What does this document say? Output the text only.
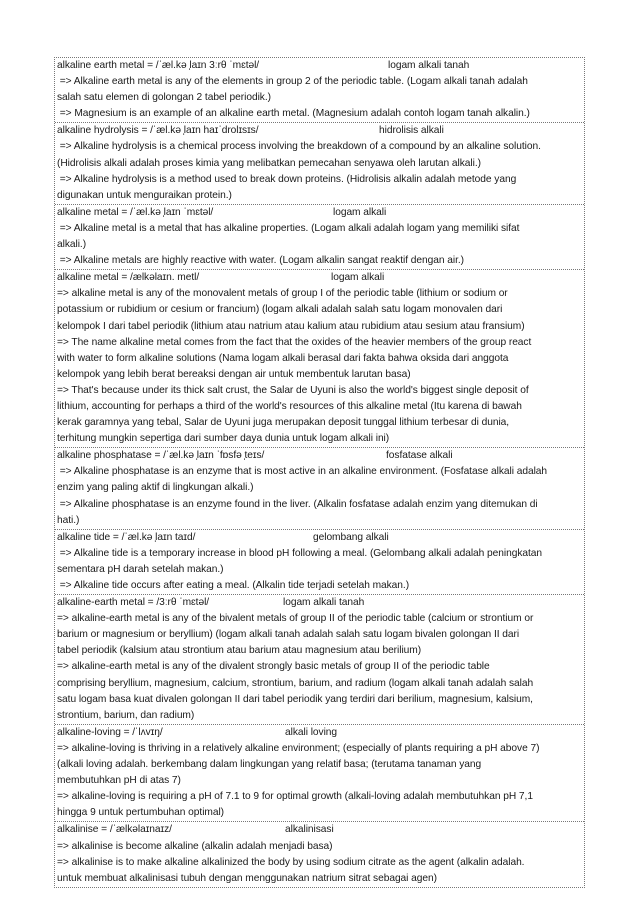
alkaline earth metal = /ˈæl.kə ̩laɪn 3ːrθ ˈmɛtəl/	logam alkali tanah
=> Alkaline earth metal is any of the elements in group 2 of the periodic table. (Logam alkali tanah adalah
salah satu elemen di golongan 2 tabel periodik.)
=> Magnesium is an example of an alkaline earth metal. (Magnesium adalah contoh logam tanah alkalin.)
alkaline hydrolysis = /ˈæl.kə ̩laɪn haɪˈdrolɪsɪs/	hidrolisis alkali
=> Alkaline hydrolysis is a chemical process involving the breakdown of a compound by an alkaline solution.
(Hidrolisis alkali adalah proses kimia yang melibatkan pemecahan senyawa oleh larutan alkali.)
=> Alkaline hydrolysis is a method used to break down proteins. (Hidrolisis alkalin adalah metode yang
digunakan untuk menguraikan protein.)
alkaline metal = /ˈæl.kə ̩laɪn ˈmɛtəl/	logam alkali
=> Alkaline metal is a metal that has alkaline properties. (Logam alkali adalah logam yang memiliki sifat
alkali.)
=> Alkaline metals are highly reactive with water. (Logam alkalin sangat reaktif dengan air.)
alkaline metal = /ælkəlaɪn. metl/	logam alkali
=> alkaline metal is any of the monovalent metals of group I of the periodic table (lithium or sodium or
potassium or rubidium or cesium or francium) (logam alkali adalah salah satu logam monovalen dari
kelompok I dari tabel periodik (lithium atau natrium atau kalium atau rubidium atau sesium atau fransium)
=> The name alkaline metal comes from the fact that the oxides of the heavier members of the group react
with water to form alkaline solutions (Nama logam alkali berasal dari fakta bahwa oksida dari anggota
kelompok yang lebih berat bereaksi dengan air untuk membentuk larutan basa)
=> That's because under its thick salt crust, the Salar de Uyuni is also the world's biggest single deposit of
lithium, accounting for perhaps a third of the world's resources of this alkaline metal (Itu karena di bawah
kerak garamnya yang tebal, Salar de Uyuni juga merupakan deposit tunggal lithium terbesar di dunia,
terhitung mungkin sepertiga dari sumber daya dunia untuk logam alkali ini)
alkaline phosphatase = /ˈæl.kə ̩laɪn ˈfɒsfə ̩teɪs/	fosfatase alkali
=> Alkaline phosphatase is an enzyme that is most active in an alkaline environment. (Fosfatase alkali adalah
enzim yang paling aktif di lingkungan alkali.)
=> Alkaline phosphatase is an enzyme found in the liver. (Alkalin fosfatase adalah enzim yang ditemukan di
hati.)
alkaline tide = /ˈæl.kə ̩laɪn taɪd/	gelombang alkali
=> Alkaline tide is a temporary increase in blood pH following a meal. (Gelombang alkali adalah peningkatan
sementara pH darah setelah makan.)
=> Alkaline tide occurs after eating a meal. (Alkalin tide terjadi setelah makan.)
alkaline-earth metal = /3ːrθ ˈmɛtəl/	logam alkali tanah
=> alkaline-earth metal is any of the bivalent metals of group II of the periodic table (calcium or strontium or
barium or magnesium or beryllium) (logam alkali tanah adalah salah satu logam bivalen golongan II dari
tabel periodik (kalsium atau strontium atau barium atau magnesium atau berilium)
=> alkaline-earth metal is any of the divalent strongly basic metals of group II of the periodic table
comprising beryllium, magnesium, calcium, strontium, barium, and radium (logam alkali tanah adalah salah
satu logam basa kuat divalen golongan II dari tabel periodik yang terdiri dari berilium, magnesium, kalsium,
strontium, barium, dan radium)
alkaline-loving = /ˈlʌvɪŋ/	alkali loving
=> alkaline-loving is thriving in a relatively alkaline environment; (especially of plants requiring a pH above 7)
(alkali loving adalah. berkembang dalam lingkungan yang relatif basa; (terutama tanaman yang
membutuhkan pH di atas 7)
=> alkaline-loving is requiring a pH of 7.1 to 9 for optimal growth (alkali-loving adalah membutuhkan pH 7,1
hingga 9 untuk pertumbuhan optimal)
alkalinise = /ˈælkəlaɪnaɪz/	alkalinisasi
=> alkalinise is become alkaline (alkalin adalah menjadi basa)
=> alkalinise is to make alkaline alkalinized the body by using sodium citrate as the agent (alkalin adalah.
untuk membuat alkalinisasi tubuh dengan menggunakan natrium sitrat sebagai agen)
